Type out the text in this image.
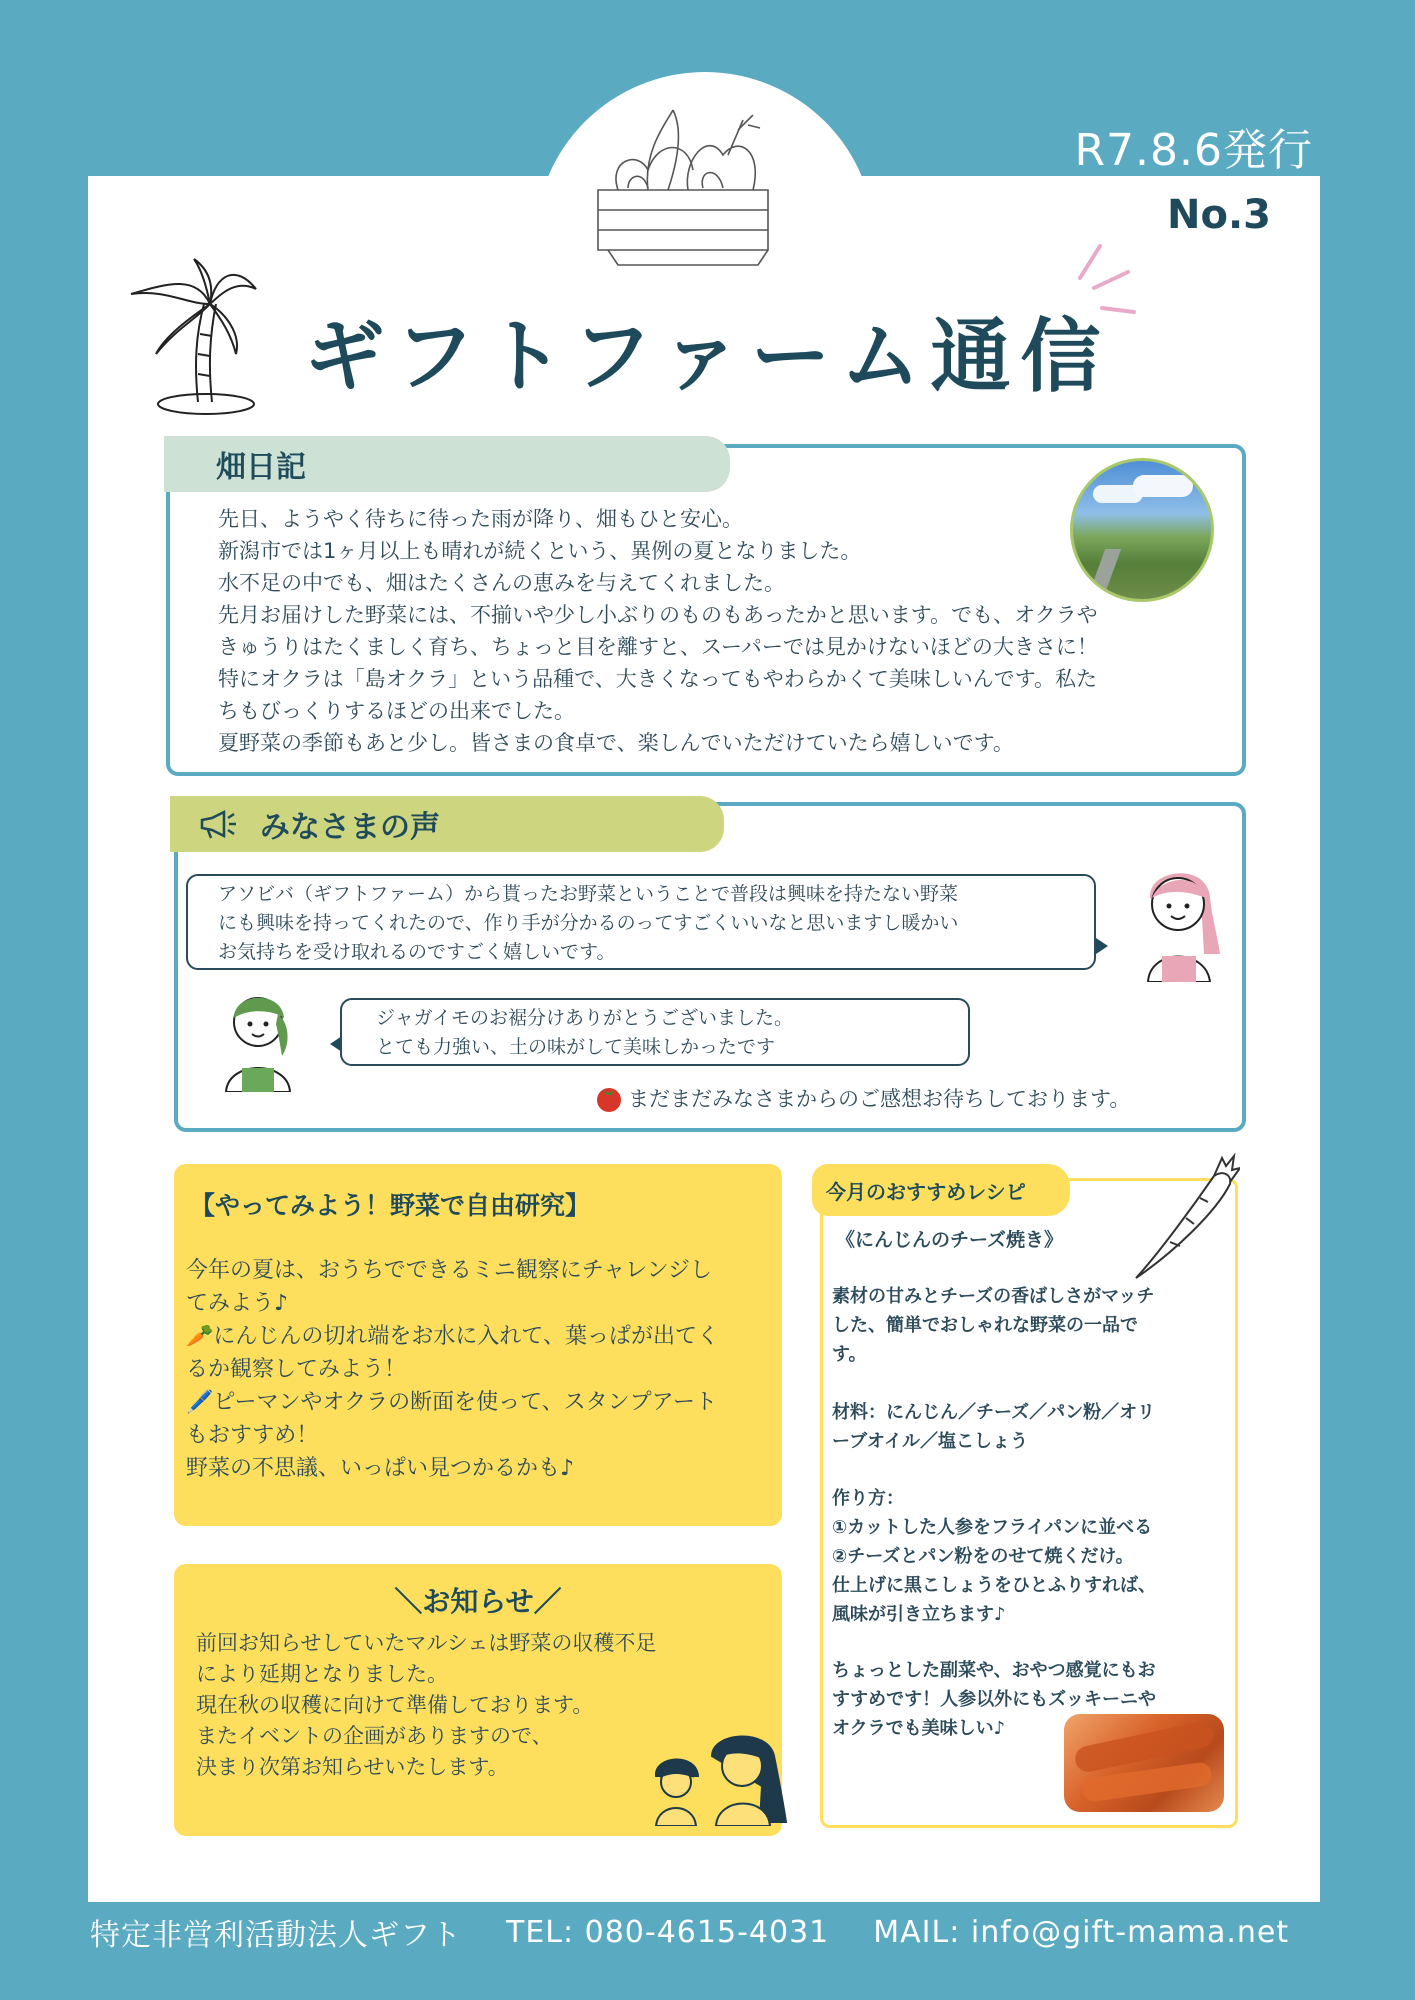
R7.8.6発行
No.3
ギフトファーム通信
畑日記
先日、ようやく待ちに待った雨が降り、畑もひと安心。
新潟市では1ヶ月以上も晴れが続くという、異例の夏となりました。
水不足の中でも、畑はたくさんの恵みを与えてくれました。
先月お届けした野菜には、不揃いや少し小ぶりのものもあったかと思います。でも、オクラや
きゅうりはたくましく育ち、ちょっと目を離すと、スーパーでは見かけないほどの大きさに！
特にオクラは「島オクラ」という品種で、大きくなってもやわらかくて美味しいんです。私た
ちもびっくりするほどの出来でした。
夏野菜の季節もあと少し。皆さまの食卓で、楽しんでいただけていたら嬉しいです。
みなさまの声
アソビバ（ギフトファーム）から貰ったお野菜ということで普段は興味を持たない野菜
にも興味を持ってくれたので、作り手が分かるのってすごくいいなと思いますし暖かい
お気持ちを受け取れるのですごく嬉しいです。
ジャガイモのお裾分けありがとうございました。
とても力強い、土の味がして美味しかったです
まだまだみなさまからのご感想お待ちしております。
【やってみよう！野菜で自由研究】
今年の夏は、おうちでできるミニ観察にチャレンジし
てみよう♪
🥕にんじんの切れ端をお水に入れて、葉っぱが出てく
るか観察してみよう！
🖊️ピーマンやオクラの断面を使って、スタンプアート
もおすすめ！
野菜の不思議、いっぱい見つかるかも♪
＼お知らせ／
前回お知らせしていたマルシェは野菜の収穫不足
により延期となりました。
現在秋の収穫に向けて準備しております。
またイベントの企画がありますので、
決まり次第お知らせいたします。
今月のおすすめレシピ
《にんじんのチーズ焼き》
素材の甘みとチーズの香ばしさがマッチ
した、簡単でおしゃれな野菜の一品で
す。
材料：にんじん／チーズ／パン粉／オリ
ーブオイル／塩こしょう
作り方：
①カットした人参をフライパンに並べる
②チーズとパン粉をのせて焼くだけ。
仕上げに黒こしょうをひとふりすれば、
風味が引き立ちます♪
ちょっとした副菜や、おやつ感覚にもお
すすめです！人参以外にもズッキーニや
オクラでも美味しい♪
特定非営利活動法人ギフト TEL: 080-4615-4031 MAIL: info@gift-mama.net
